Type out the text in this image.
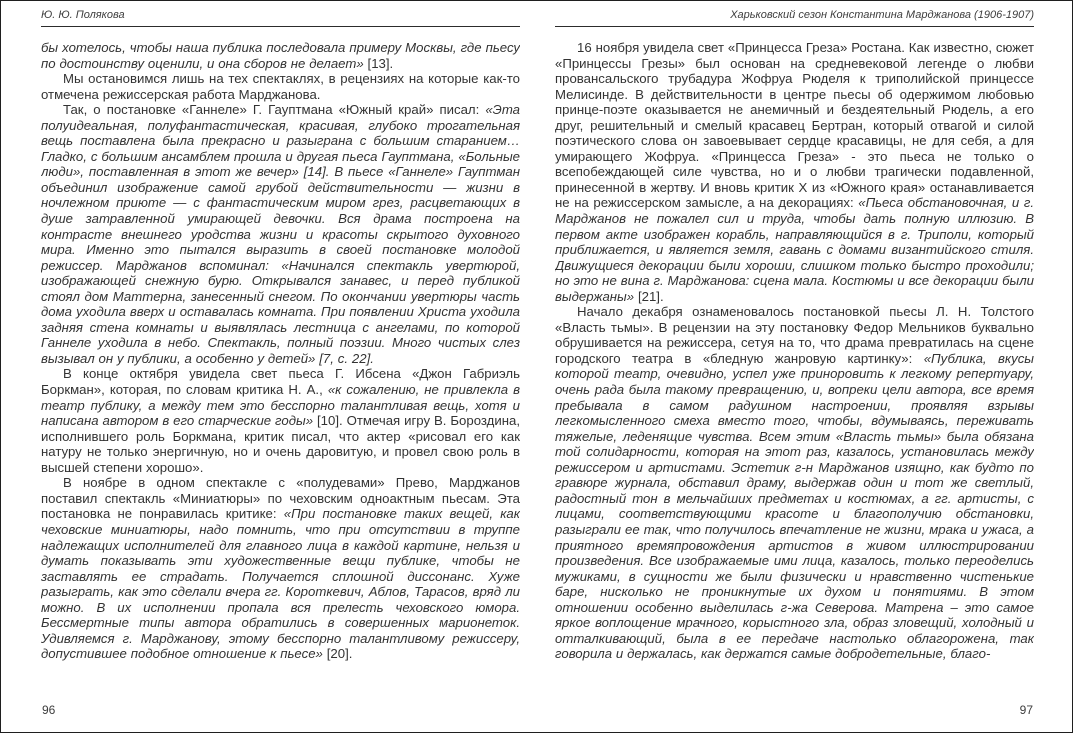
Ю. Ю. Полякова	Харьковский сезон Константина Марджанова (1906-1907)

бы хотелось, чтобы наша публика последовала примеру Москвы, где пьесу по достоинству оценили, и она сборов не делает» [13].

Мы остановимся лишь на тех спектаклях, в рецензиях на которые как-то отмечена режиссерская работа Марджанова.

Так, о постановке «Ганнеле» Г. Гауптмана «Южный край» писал: «Эта полуидеальная, полуфантастическая, красивая, глубоко трогательная вещь поставлена была прекрасно и разыграна с большим старанием… Гладко, с большим ансамблем прошла и другая пьеса Гауптмана, «Больные люди», поставленная в этот же вечер» [14]. В пьесе «Ганнеле» Гауптман объединил изображение самой грубой действительности — жизни в ночлежном приюте — с фантастическим миром грез, расцветающих в душе затравленной умирающей девочки. Вся драма построена на контрасте внешнего уродства жизни и красоты скрытого духовного мира. Именно это пытался выразить в своей постановке молодой режиссер. Марджанов вспоминал: «Начинался спектакль увертюрой, изображающей снежную бурю. Открывался занавес, и перед публикой стоял дом Маттерна, занесенный снегом. По окончании увертюры часть дома уходила вверх и оставалась комната. При появлении Христа уходила задняя стена комнаты и выявлялась лестница с ангелами, по которой Ганнеле уходила в небо. Спектакль, полный поэзии. Много чистых слез вызывал он у публики, а особенно у детей» [7, с. 22].

В конце октября увидела свет пьеса Г. Ибсена «Джон Габриэль Боркман», которая, по словам критика Н. А., «к сожалению, не привлекла в театр публику, а между тем это бесспорно талантливая вещь, хотя и написана автором в его старческие годы» [10]. Отмечая игру В. Бороздина, исполнившего роль Боркмана, критик писал, что актер «рисовал его как натуру не только энергичную, но и очень даровитую, и провел свою роль в высшей степени хорошо».

В ноябре в одном спектакле с «полудевами» Прево, Марджанов поставил спектакль «Миниатюры» по чеховским одноактным пьесам. Эта постановка не понравилась критике: «При постановке таких вещей, как чеховские миниатюры, надо помнить, что при отсутствии в труппе надлежащих исполнителей для главного лица в каждой картине, нельзя и думать показывать эти художественные вещи публике, чтобы не заставлять ее страдать. Получается сплошной диссонанс. Хуже разыграть, как это сделали вчера гг. Короткевич, Аблов, Тарасов, вряд ли можно. В их исполнении пропала вся прелесть чеховского юмора. Бессмертные типы автора обратились в совершенных марионеток. Удивляемся г. Марджанову, этому бесспорно талантливому режиссеру, допустившее подобное отношение к пьесе» [20].

16 ноября увидела свет «Принцесса Греза» Ростана. Как известно, сюжет «Принцессы Грезы» был основан на средневековой легенде о любви провансальского трубадура Жофруа Рюделя к триполийской принцессе Мелисинде. В действительности в центре пьесы об одержимом любовью принце-поэте оказывается не анемичный и бездеятельный Рюдель, а его друг, решительный и смелый красавец Бертран, который отвагой и силой поэтического слова он завоевывает сердце красавицы, не для себя, а для умирающего Жофруа. «Принцесса Греза» - это пьеса не только о всепобеждающей силе чувства, но и о любви трагически подавленной, принесенной в жертву. И вновь критик Х из «Южного края» останавливается не на режиссерском замысле, а на декорациях: «Пьеса обстановочная, и г. Марджанов не пожалел сил и труда, чтобы дать полную иллюзию. В первом акте изображен корабль, направляющийся в г. Триполи, который приближается, и является земля, гавань с домами византийского стиля. Движущиеся декорации были хороши, слишком только быстро проходили; но это не вина г. Марджанова: сцена мала. Костюмы и все декорации были выдержаны» [21].

Начало декабря ознаменовалось постановкой пьесы Л. Н. Толстого «Власть тьмы». В рецензии на эту постановку Федор Мельников буквально обрушивается на режиссера, сетуя на то, что драма превратилась на сцене городского театра в «бледную жанровую картинку»: «Публика, вкусы которой театр, очевидно, успел уже приноровить к легкому репертуару, очень рада была такому превращению, и, вопреки цели автора, все время пребывала в самом радушном настроении, проявляя взрывы легкомысленного смеха вместо того, чтобы, вдумываясь, переживать тяжелые, леденящие чувства. Всем этим «Власть тьмы» была обязана той солидарности, которая на этот раз, казалось, установилась между режиссером и артистами. Эстетик г-н Марджанов изящно, как будто по гравюре журнала, обставил драму, выдержав один и тот же светлый, радостный тон в мельчайших предметах и костюмах, а гг. артисты, с лицами, соответствующими красоте и благополучию обстановки, разыграли ее так, что получилось впечатление не жизни, мрака и ужаса, а приятного времяпровождения артистов в живом иллюстрировании произведения. Все изображаемые ими лица, казалось, только переоделись мужиками, в сущности же были физически и нравственно чистенькие баре, нисколько не проникнутые их духом и понятиями. В этом отношении особенно выделилась г-жа Северова. Матрена – это самое яркое воплощение мрачного, корыстного зла, образ зловещий, холодный и отталкивающий, была в ее передаче настолько облагорожена, так говорила и держалась, как держатся самые добродетельные, благо-

96	97
